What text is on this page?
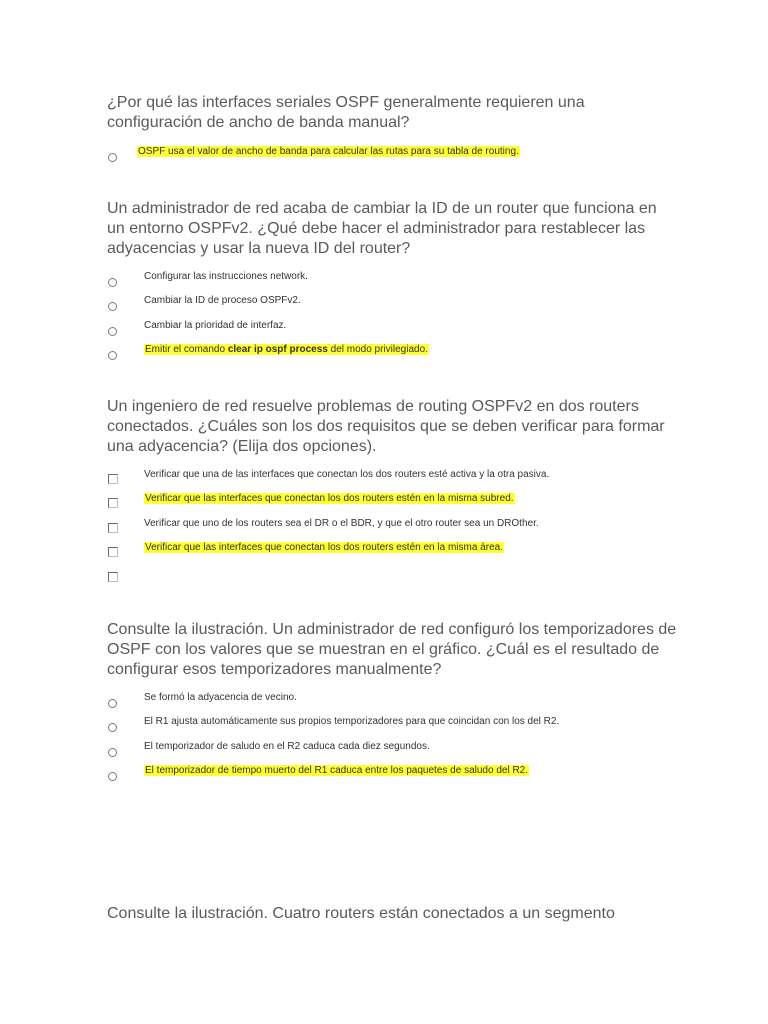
¿Por qué las interfaces seriales OSPF generalmente requieren una configuración de ancho de banda manual?

OSPF usa el valor de ancho de banda para calcular las rutas para su tabla de routing.

Un administrador de red acaba de cambiar la ID de un router que funciona en un entorno OSPFv2. ¿Qué debe hacer el administrador para restablecer las adyacencias y usar la nueva ID del router?

Configurar las instrucciones network.
Cambiar la ID de proceso OSPFv2.
Cambiar la prioridad de interfaz.
Emitir el comando clear ip ospf process del modo privilegiado.

Un ingeniero de red resuelve problemas de routing OSPFv2 en dos routers conectados. ¿Cuáles son los dos requisitos que se deben verificar para formar una adyacencia? (Elija dos opciones).

Verificar que una de las interfaces que conectan los dos routers esté activa y la otra pasiva.
Verificar que las interfaces que conectan los dos routers estén en la misma subred.
Verificar que uno de los routers sea el DR o el BDR, y que el otro router sea un DROther.
Verificar que las interfaces que conectan los dos routers estén en la misma área.

Consulte la ilustración. Un administrador de red configuró los temporizadores de OSPF con los valores que se muestran en el gráfico. ¿Cuál es el resultado de configurar esos temporizadores manualmente?

Se formó la adyacencia de vecino.
El R1 ajusta automáticamente sus propios temporizadores para que coincidan con los del R2.
El temporizador de saludo en el R2 caduca cada diez segundos.
El temporizador de tiempo muerto del R1 caduca entre los paquetes de saludo del R2.

Consulte la ilustración. Cuatro routers están conectados a un segmento
